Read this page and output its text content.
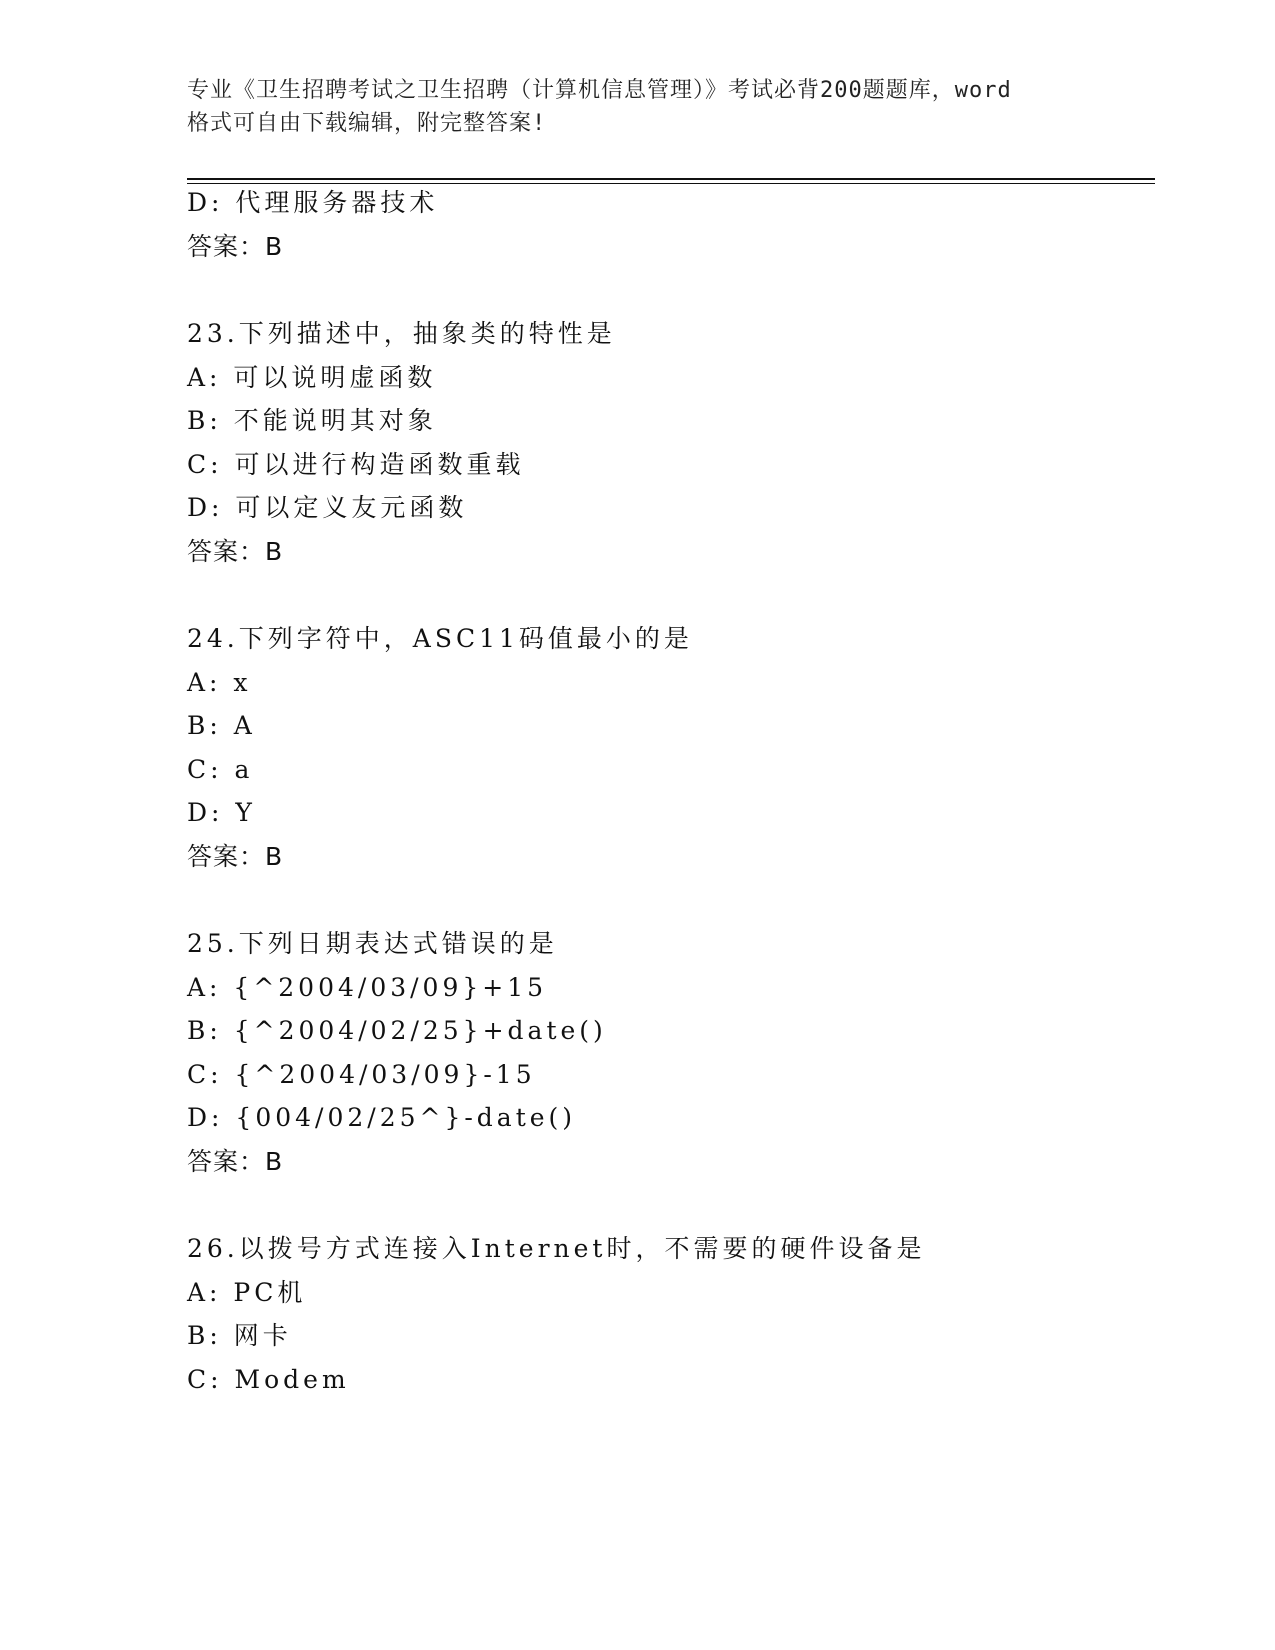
专业《卫生招聘考试之卫生招聘（计算机信息管理）》考试必背200题题库，word
格式可自由下载编辑，附完整答案!
D: 代理服务器技术
答案：B
23.下列描述中，抽象类的特性是
A: 可以说明虚函数
B: 不能说明其对象
C: 可以进行构造函数重载
D: 可以定义友元函数
答案：B
24.下列字符中，ASC11码值最小的是
A: x
B: A
C: a
D: Y
答案：B
25.下列日期表达式错误的是
A: {^2004/03/09}+15
B: {^2004/02/25}+date()
C: {^2004/03/09}-15
D: {004/02/25^}-date()
答案：B
26.以拨号方式连接入Internet时，不需要的硬件设备是
A: PC机
B: 网卡
C: Modem
